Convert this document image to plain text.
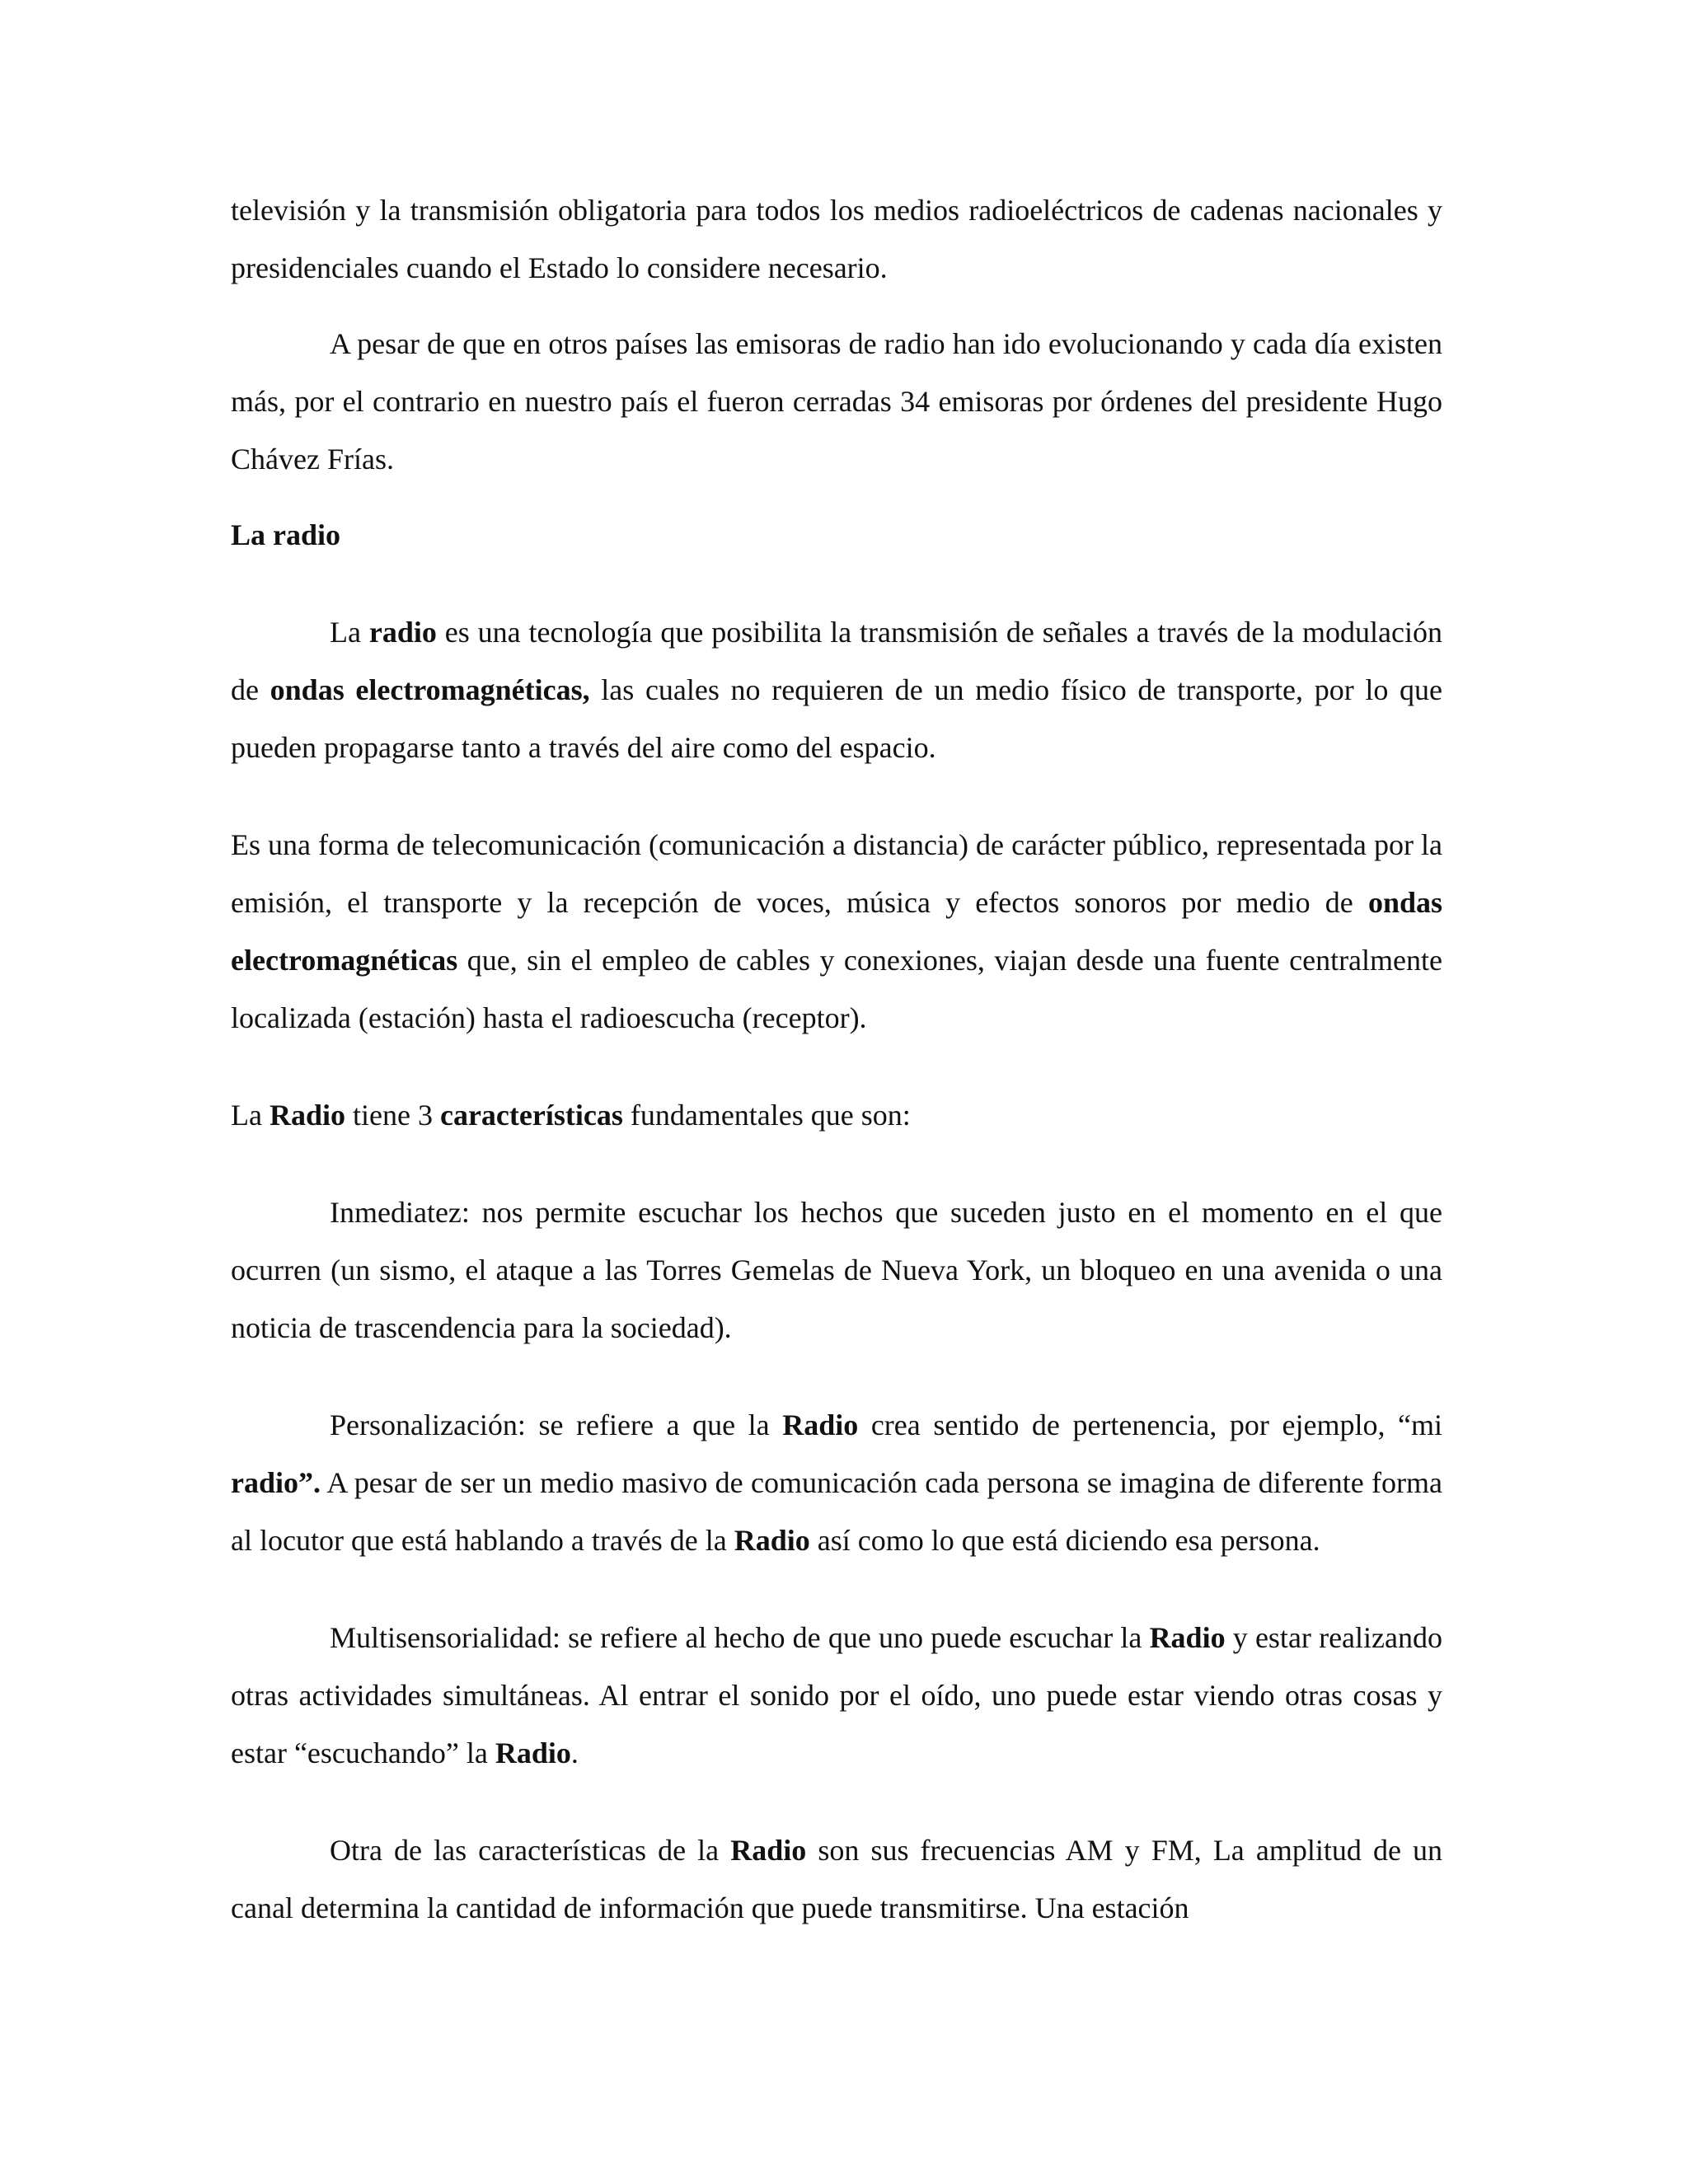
televisión y la transmisión obligatoria para todos los medios radioeléctricos de cadenas nacionales y presidenciales cuando el Estado lo considere necesario.

A pesar de que en otros países las emisoras de radio han ido evolucionando y cada día existen más, por el contrario en nuestro país el fueron cerradas 34 emisoras por órdenes del presidente Hugo Chávez Frías.

La radio

La radio es una tecnología que posibilita la transmisión de señales a través de la modulación de ondas electromagnéticas, las cuales no requieren de un medio físico de transporte, por lo que pueden propagarse tanto a través del aire como del espacio.

Es una forma de telecomunicación (comunicación a distancia) de carácter público, representada por la emisión, el transporte y la recepción de voces, música y efectos sonoros por medio de ondas electromagnéticas que, sin el empleo de cables y conexiones, viajan desde una fuente centralmente localizada (estación) hasta el radioescucha (receptor).

La Radio tiene 3 características fundamentales que son:

Inmediatez: nos permite escuchar los hechos que suceden justo en el momento en el que ocurren (un sismo, el ataque a las Torres Gemelas de Nueva York, un bloqueo en una avenida o una noticia de trascendencia para la sociedad).

Personalización: se refiere a que la Radio crea sentido de pertenencia, por ejemplo, “mi radio”. A pesar de ser un medio masivo de comunicación cada persona se imagina de diferente forma al locutor que está hablando a través de la Radio así como lo que está diciendo esa persona.

Multisensorialidad: se refiere al hecho de que uno puede escuchar la Radio y estar realizando otras actividades simultáneas. Al entrar el sonido por el oído, uno puede estar viendo otras cosas y estar “escuchando” la Radio.

Otra de las características de la Radio son sus frecuencias AM y FM, La amplitud de un canal determina la cantidad de información que puede transmitirse. Una estación
